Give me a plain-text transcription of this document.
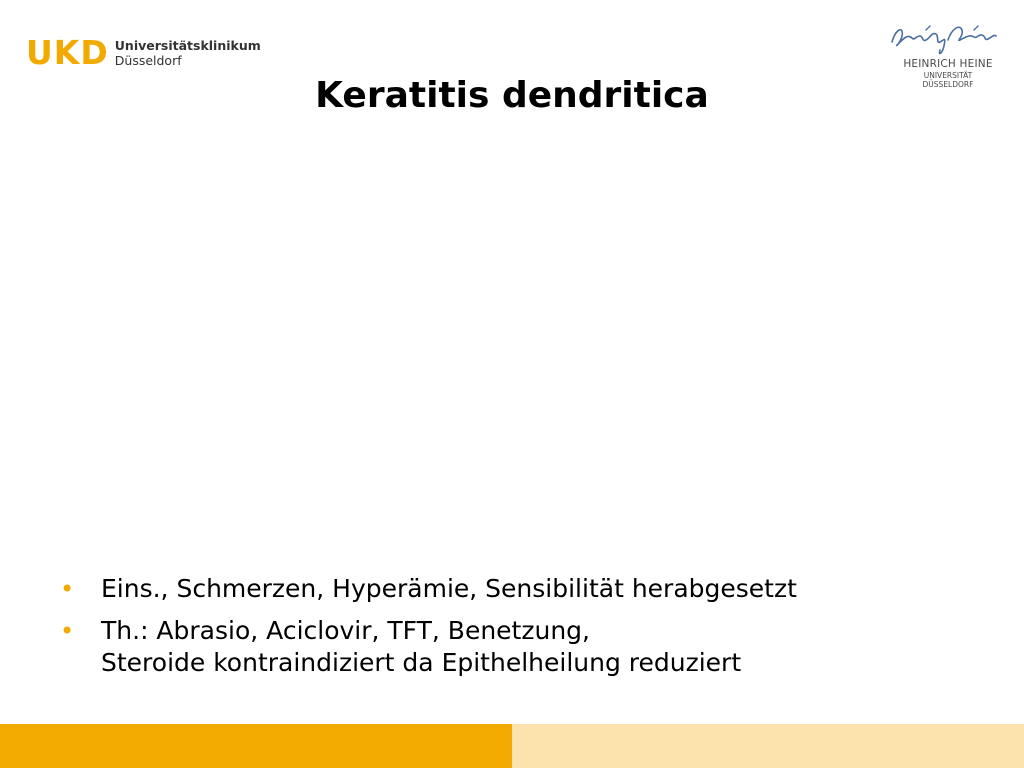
UKD Universitätsklinikum
Düsseldorf	HEINRICH HEINE
UNIVERSITÄT DÜSSELDORF
Keratitis dendritica
• Eins., Schmerzen, Hyperämie, Sensibilität herabgesetzt
• Th.: Abrasio, Aciclovir, TFT, Benetzung,
Steroide kontraindiziert da Epithelheilung reduziert
